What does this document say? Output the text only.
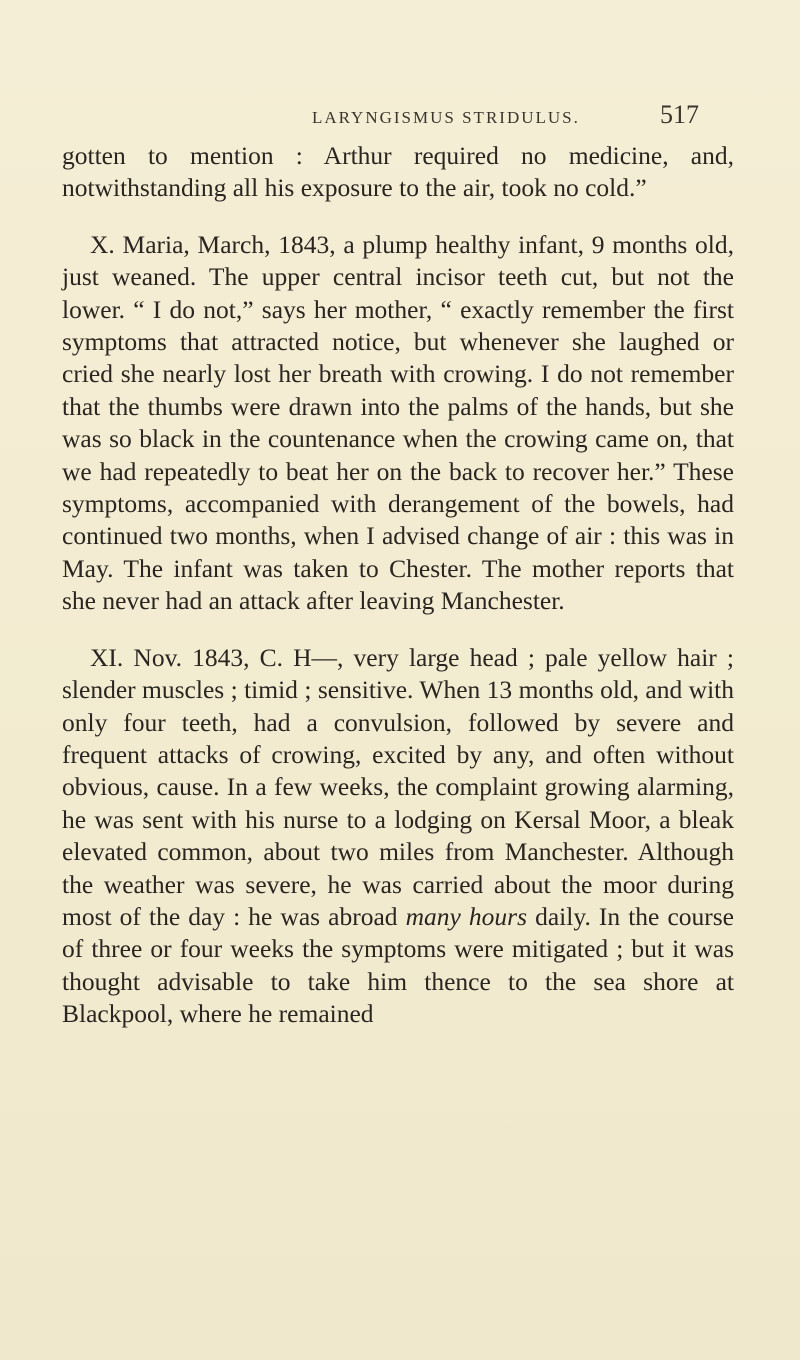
LARYNGISMUS STRIDULUS.	517

gotten to mention : Arthur required no medicine, and, notwithstanding all his exposure to the air, took no cold.”

X. Maria, March, 1843, a plump healthy infant, 9 months old, just weaned. The upper central incisor teeth cut, but not the lower. “ I do not,” says her mother, “ exactly remember the first symptoms that attracted notice, but whenever she laughed or cried she nearly lost her breath with crowing. I do not remember that the thumbs were drawn into the palms of the hands, but she was so black in the countenance when the crowing came on, that we had repeatedly to beat her on the back to recover her.” These symptoms, accompanied with derangement of the bowels, had continued two months, when I advised change of air : this was in May. The infant was taken to Chester. The mother reports that she never had an attack after leaving Manchester.

XI. Nov. 1843, C. H—, very large head ; pale yellow hair ; slender muscles ; timid ; sensitive. When 13 months old, and with only four teeth, had a convulsion, followed by severe and frequent attacks of crowing, excited by any, and often without obvious, cause. In a few weeks, the complaint growing alarming, he was sent with his nurse to a lodging on Kersal Moor, a bleak elevated common, about two miles from Manchester. Although the weather was severe, he was carried about the moor during most of the day : he was abroad many hours daily. In the course of three or four weeks the symptoms were mitigated ; but it was thought advisable to take him thence to the sea shore at Blackpool, where he remained
